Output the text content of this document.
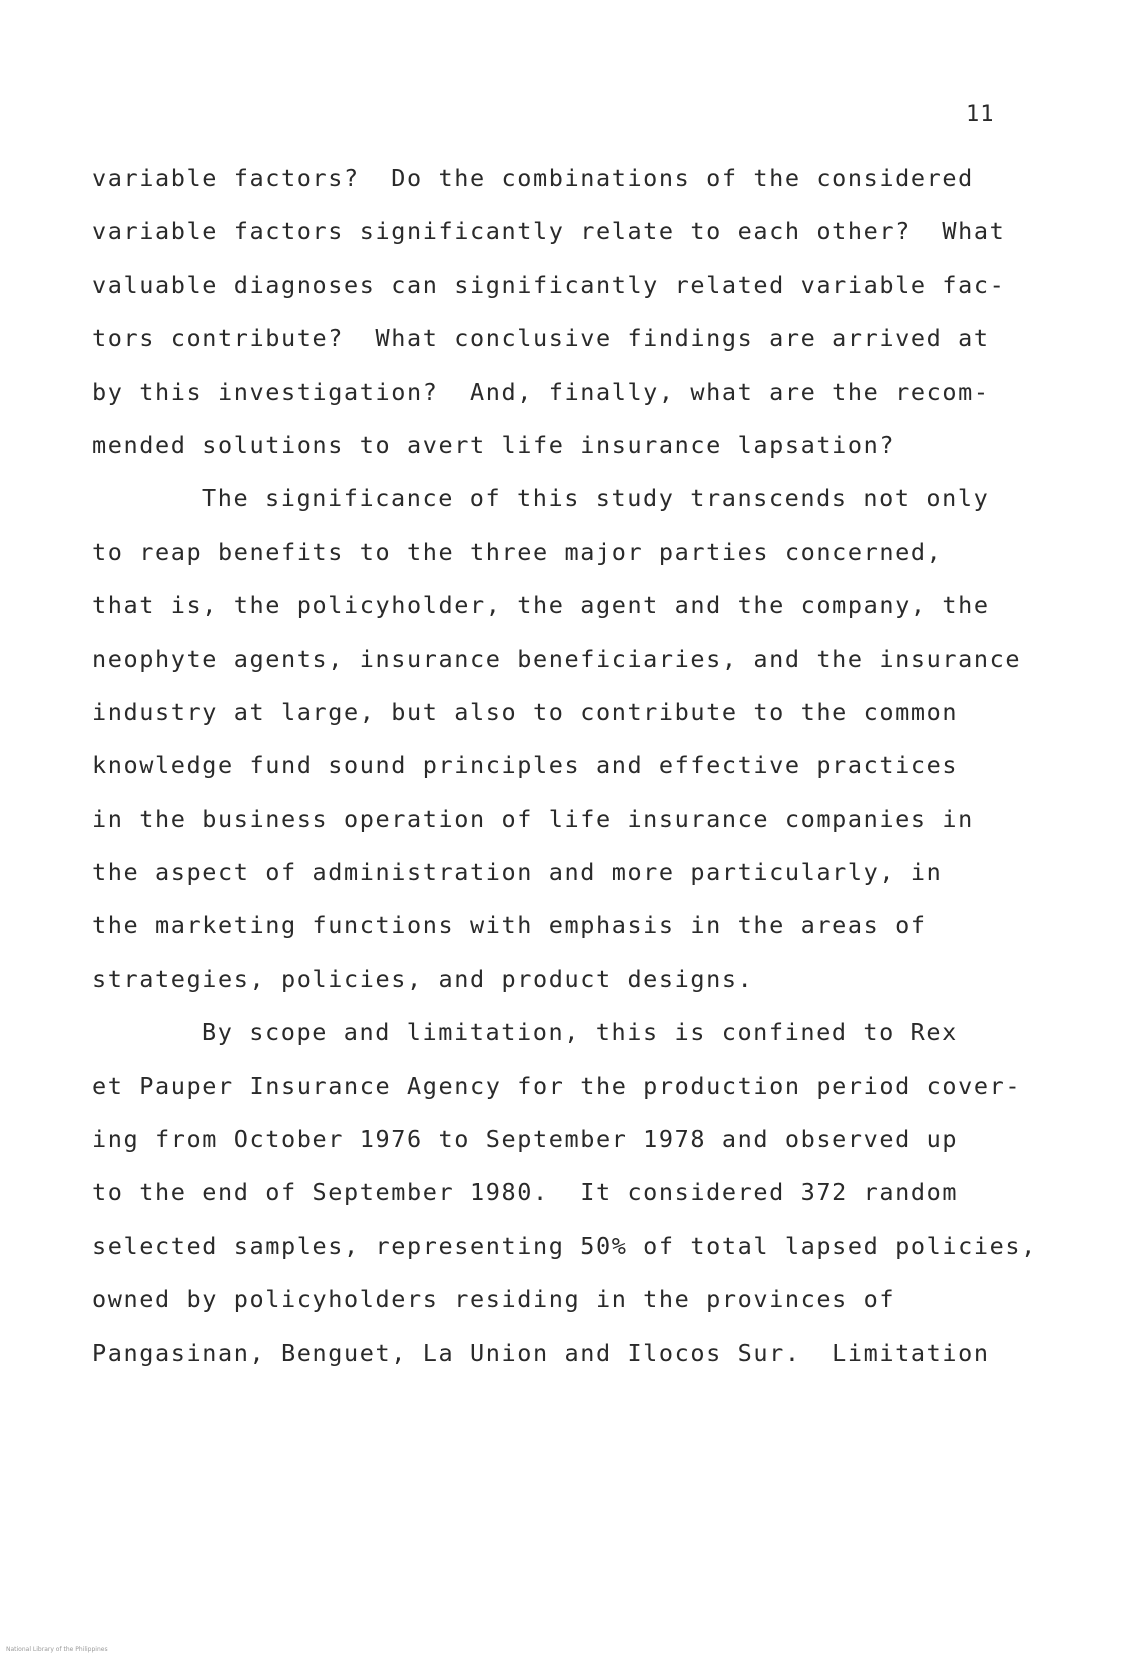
11
variable factors?  Do the combinations of the considered
variable factors significantly relate to each other?  What
valuable diagnoses can significantly related variable fac-
tors contribute?  What conclusive findings are arrived at
by this investigation?  And, finally, what are the recom-
mended solutions to avert life insurance lapsation?
The significance of this study transcends not only
to reap benefits to the three major parties concerned,
that is, the policyholder, the agent and the company, the
neophyte agents, insurance beneficiaries, and the insurance
industry at large, but also to contribute to the common
knowledge fund sound principles and effective practices
in the business operation of life insurance companies in
the aspect of administration and more particularly, in
the marketing functions with emphasis in the areas of
strategies, policies, and product designs.
By scope and limitation, this is confined to Rex
et Pauper Insurance Agency for the production period cover-
ing from October 1976 to September 1978 and observed up
to the end of September 1980.  It considered 372 random
selected samples, representing 50% of total lapsed policies,
owned by policyholders residing in the provinces of
Pangasinan, Benguet, La Union and Ilocos Sur.  Limitation
National Library of the Philippines
